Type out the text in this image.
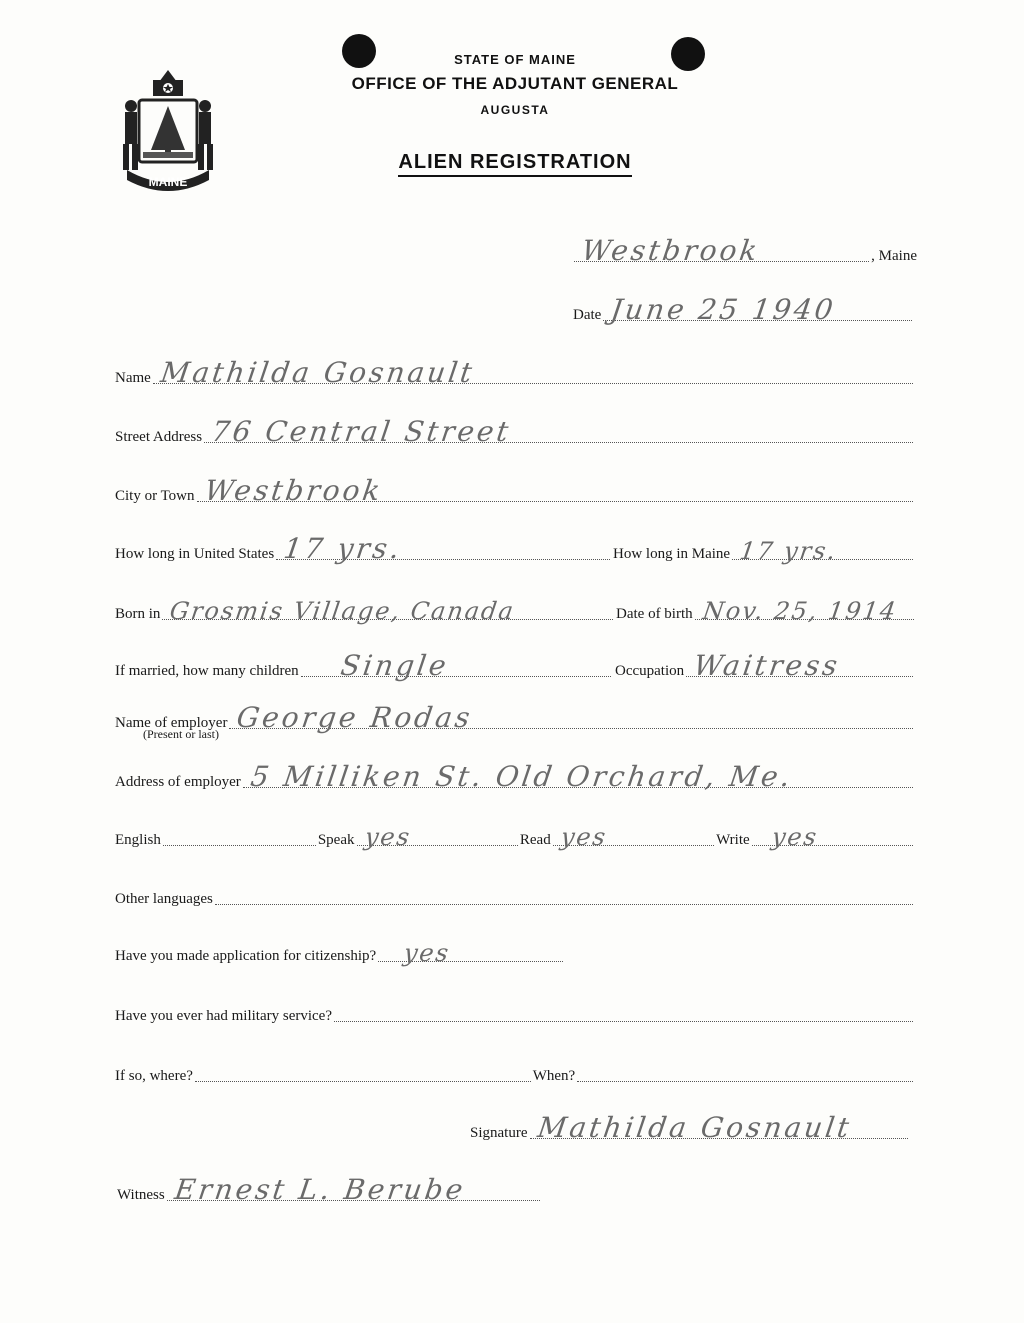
MAINE
STATE OF MAINE
OFFICE OF THE ADJUTANT GENERAL
AUGUSTA
ALIEN REGISTRATION
Westbrook	, Maine
Date June 25 1940
Name Mathilda Gosnault
Street Address 76 Central Street
City or Town Westbrook
How long in United States 17 yrs.	How long in Maine 17 yrs.
Born in Grosmis Village, Canada	Date of birth Nov. 25, 1914
If married, how many children Single	Occupation Waitress
Name of employer George Rodas
(Present or last)
Address of employer 5 Milliken St. Old Orchard, Me.
English	Speak yes	Read yes	Write yes
Other languages
Have you made application for citizenship? yes
Have you ever had military service?
If so, where?	When?
Signature Mathilda Gosnault
Witness Ernest L. Berube
